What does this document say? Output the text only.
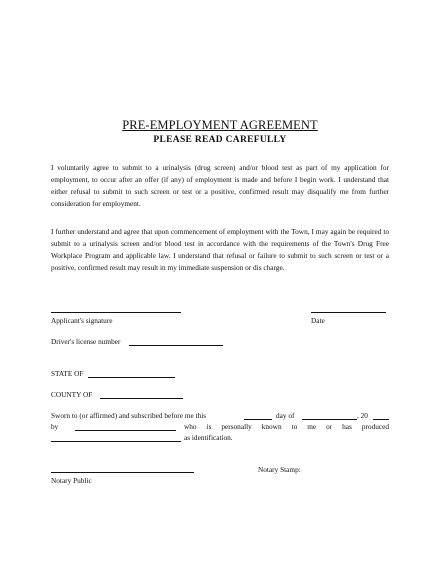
PRE-EMPLOYMENT AGREEMENT
PLEASE READ CAREFULLY

I voluntarily agree to submit to a urinalysis (drug screen) and/or blood test as part of my application for employment, to occur after an offer (if any) of employment is made and before I begin work. I understand that either refusal to submit to such screen or test or a positive, confirmed result may disqualify me from further consideration for employment.

I further understand and agree that upon commencement of employment with the Town, I may again be required to submit to a urinalysis screen and/or blood test in accordance with the requirements of the Town's Drug Free Workplace Program and applicable law. I understand that refusal or failure to submit to such screen or test or a positive, confirmed result may result in my immediate suspension or dis charge.

Applicant's signature	Date
Driver's license number
STATE OF
COUNTY OF
Sworn to (or affirmed) and subscribed before me this	day of	, 20
by	who is personally known to me or has produced
as identification.
Notary Stamp:
Notary Public
